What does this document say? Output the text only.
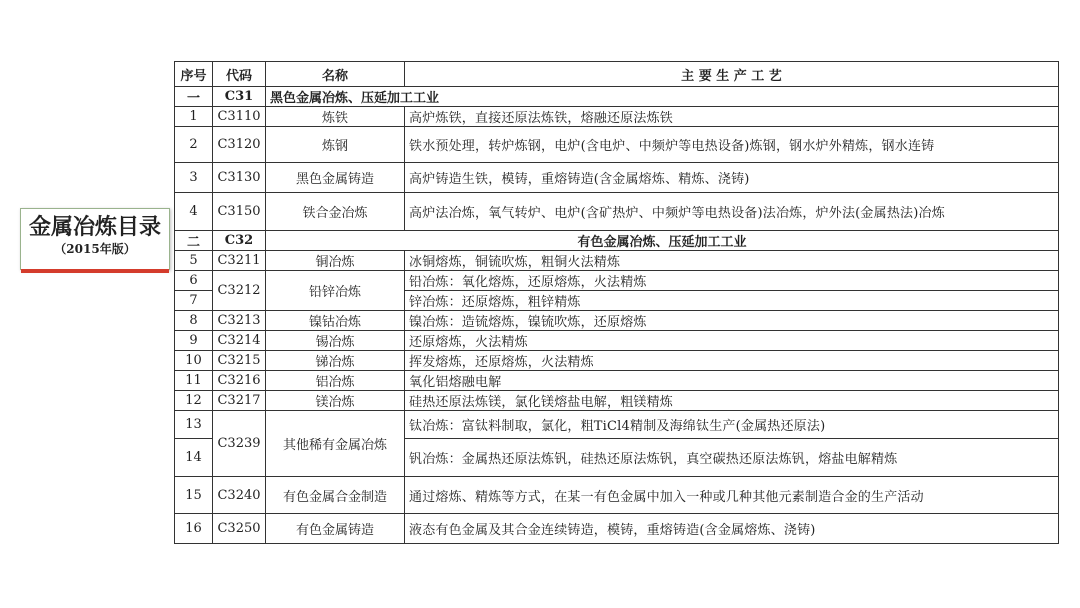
金属冶炼目录
（2015年版）
序号	代码	名称	主 要 生 产 工 艺
一	C31	黑色金属冶炼、压延加工工业	
1	C3110	炼铁	高炉炼铁，直接还原法炼铁，熔融还原法炼铁
2	C3120	炼钢	铁水预处理，转炉炼钢，电炉(含电炉、中频炉等电热设备)炼钢，钢水炉外精炼，钢水连铸
3	C3130	黑色金属铸造	高炉铸造生铁，模铸，重熔铸造(含金属熔炼、精炼、浇铸)
4	C3150	铁合金冶炼	高炉法冶炼，氧气转炉、电炉(含矿热炉、中频炉等电热设备)法冶炼，炉外法(金属热法)冶炼
二	C32	有色金属冶炼、压延加工工业	
5	C3211	铜冶炼	冰铜熔炼，铜锍吹炼，粗铜火法精炼
6	C3212	铅锌冶炼	铅冶炼：氧化熔炼，还原熔炼，火法精炼
7			锌冶炼：还原熔炼，粗锌精炼
8	C3213	镍钴冶炼	镍冶炼：造锍熔炼，镍锍吹炼，还原熔炼
9	C3214	锡冶炼	还原熔炼，火法精炼
10	C3215	锑冶炼	挥发熔炼，还原熔炼，火法精炼
11	C3216	铝冶炼	氧化铝熔融电解
12	C3217	镁冶炼	硅热还原法炼镁，氯化镁熔盐电解，粗镁精炼
13	C3239	其他稀有金属冶炼	钛冶炼：富钛料制取，氯化，粗TiCl4精制及海绵钛生产(金属热还原法)
14			钒冶炼：金属热还原法炼钒，硅热还原法炼钒，真空碳热还原法炼钒，熔盐电解精炼
15	C3240	有色金属合金制造	通过熔炼、精炼等方式，在某一有色金属中加入一种或几种其他元素制造合金的生产活动
16	C3250	有色金属铸造	液态有色金属及其合金连续铸造，模铸，重熔铸造(含金属熔炼、浇铸)
